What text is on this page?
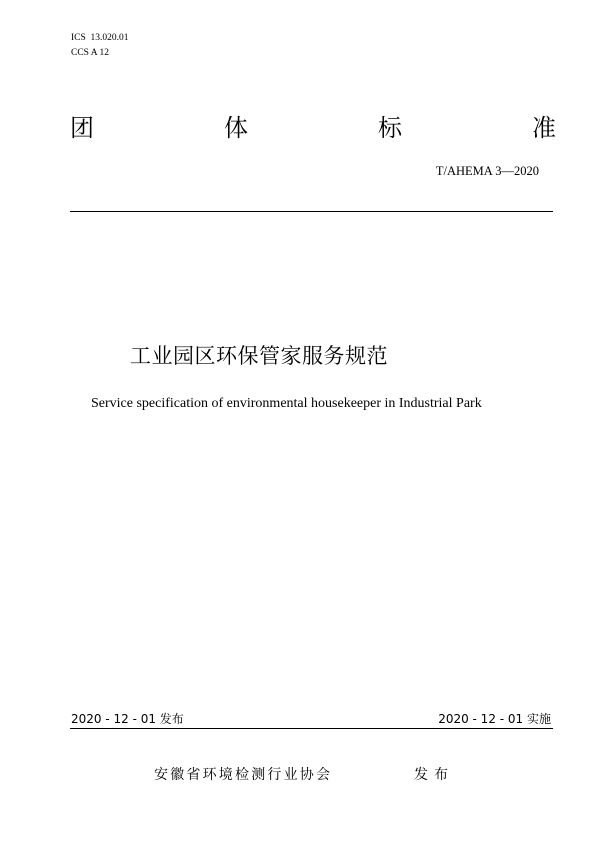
ICS  13.020.01
CCS A 12
团	体	标	准
T/AHEMA 3—2020
工业园区环保管家服务规范
Service specification of environmental housekeeper in Industrial Park
2020 - 12 - 01 发布	2020 - 12 - 01 实施
安徽省环境检测行业协会	发布
